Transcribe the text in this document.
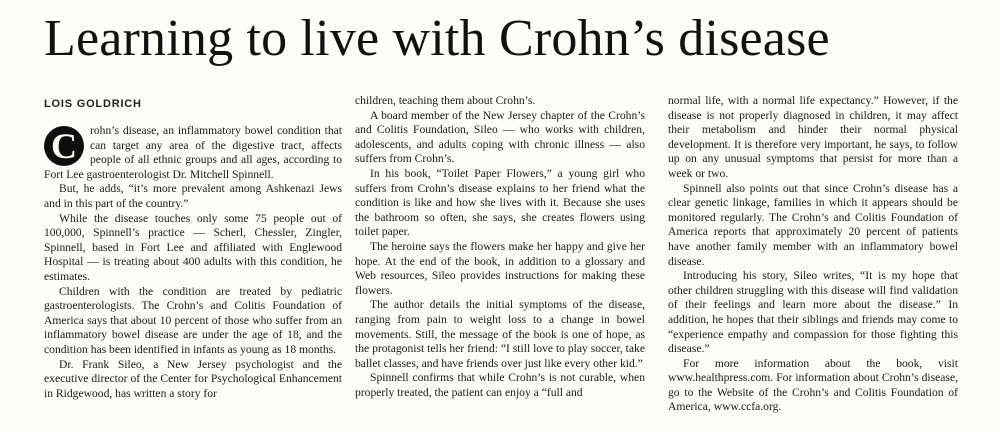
Learning to live with Crohn’s disease
LOIS GOLDRICH

C	rohn’s disease, an inflammatory bowel condition that can target any area of the digestive tract, affects people of all ethnic groups and all ages, according to Fort Lee gastroenterologist Dr. Mitchell Spinnell.

But, he adds, “it’s more prevalent among Ashkenazi Jews and in this part of the country.”

While the disease touches only some 75 people out of 100,000, Spinnell’s practice — Scherl, Chessler, Zingler, Spinnell, based in Fort Lee and affiliated with Englewood Hospital — is treating about 400 adults with this condition, he estimates.

Children with the condition are treated by pediatric gastroenterologists. The Crohn’s and Colitis Foundation of America says that about 10 percent of those who suffer from an inflammatory bowel disease are under the age of 18, and the condition has been identified in infants as young as 18 months.

Dr. Frank Sileo, a New Jersey psychologist and the executive director of the Center for Psychological Enhancement in Ridgewood, has written a story for

children, teaching them about Crohn’s.

A board member of the New Jersey chapter of the Crohn’s and Colitis Foundation, Sileo — who works with children, adolescents, and adults coping with chronic illness — also suffers from Crohn’s.

In his book, “Toilet Paper Flowers,” a young girl who suffers from Crohn’s disease explains to her friend what the condition is like and how she lives with it. Because she uses the bathroom so often, she says, she creates flowers using toilet paper.

The heroine says the flowers make her happy and give her hope. At the end of the book, in addition to a glossary and Web resources, Sileo provides instructions for making these flowers.

The author details the initial symptoms of the disease, ranging from pain to weight loss to a change in bowel movements. Still, the message of the book is one of hope, as the protagonist tells her friend: “I still love to play soccer, take ballet classes, and have friends over just like every other kid.”

Spinnell confirms that while Crohn’s is not curable, when properly treated, the patient can enjoy a “full and

normal life, with a normal life expectancy.” However, if the disease is not properly diagnosed in children, it may affect their metabolism and hinder their normal physical development. It is therefore very important, he says, to follow up on any unusual symptoms that persist for more than a week or two.

Spinnell also points out that since Crohn’s disease has a clear genetic linkage, families in which it appears should be monitored regularly. The Crohn’s and Colitis Foundation of America reports that approximately 20 percent of patients have another family member with an inflammatory bowel disease.

Introducing his story, Sileo writes, “It is my hope that other children struggling with this disease will find validation of their feelings and learn more about the disease.” In addition, he hopes that their siblings and friends may come to “experience empathy and compassion for those fighting this disease.”

For more information about the book, visit www.healthpress.com. For information about Crohn’s disease, go to the Website of the Crohn’s and Colitis Foundation of America, www.ccfa.org.
